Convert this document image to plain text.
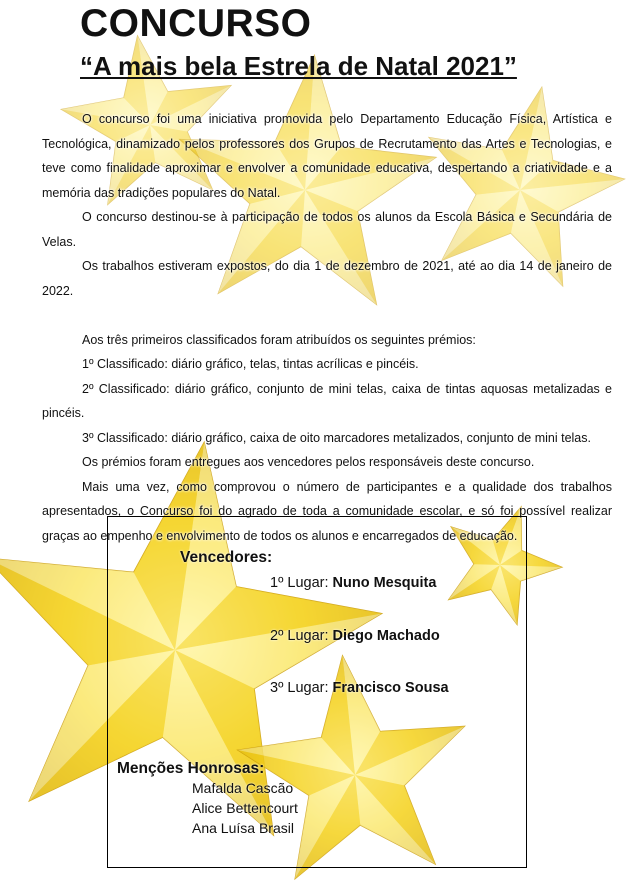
CONCURSO
“A mais bela Estrela de Natal 2021”

O concurso foi uma iniciativa promovida pelo Departamento Educação Física, Artística e Tecnológica, dinamizado pelos professores dos Grupos de Recrutamento das Artes e Tecnologias, e teve como finalidade aproximar e envolver a comunidade educativa, despertando a criatividade e a memória das tradições populares do Natal.

O concurso destinou-se à participação de todos os alunos da Escola Básica e Secundária de Velas.

Os trabalhos estiveram expostos, do dia 1 de dezembro de 2021, até ao dia 14 de janeiro de 2022.

Aos três primeiros classificados foram atribuídos os seguintes prémios:

1º Classificado: diário gráfico, telas, tintas acrílicas e pincéis.

2º Classificado: diário gráfico, conjunto de mini telas, caixa de tintas aquosas metalizadas e pincéis.

3º Classificado: diário gráfico, caixa de oito marcadores metalizados, conjunto de mini telas.

Os prémios foram entregues aos vencedores pelos responsáveis deste concurso.

Mais uma vez, como comprovou o número de participantes e a qualidade dos trabalhos apresentados, o Concurso foi do agrado de toda a comunidade escolar, e só foi possível realizar graças ao empenho e envolvimento de todos os alunos e encarregados de educação.

Vencedores:
1º Lugar: Nuno Mesquita
2º Lugar: Diego Machado
3º Lugar: Francisco Sousa
Menções Honrosas:
Mafalda Cascão
Alice Bettencourt
Ana Luísa Brasil
